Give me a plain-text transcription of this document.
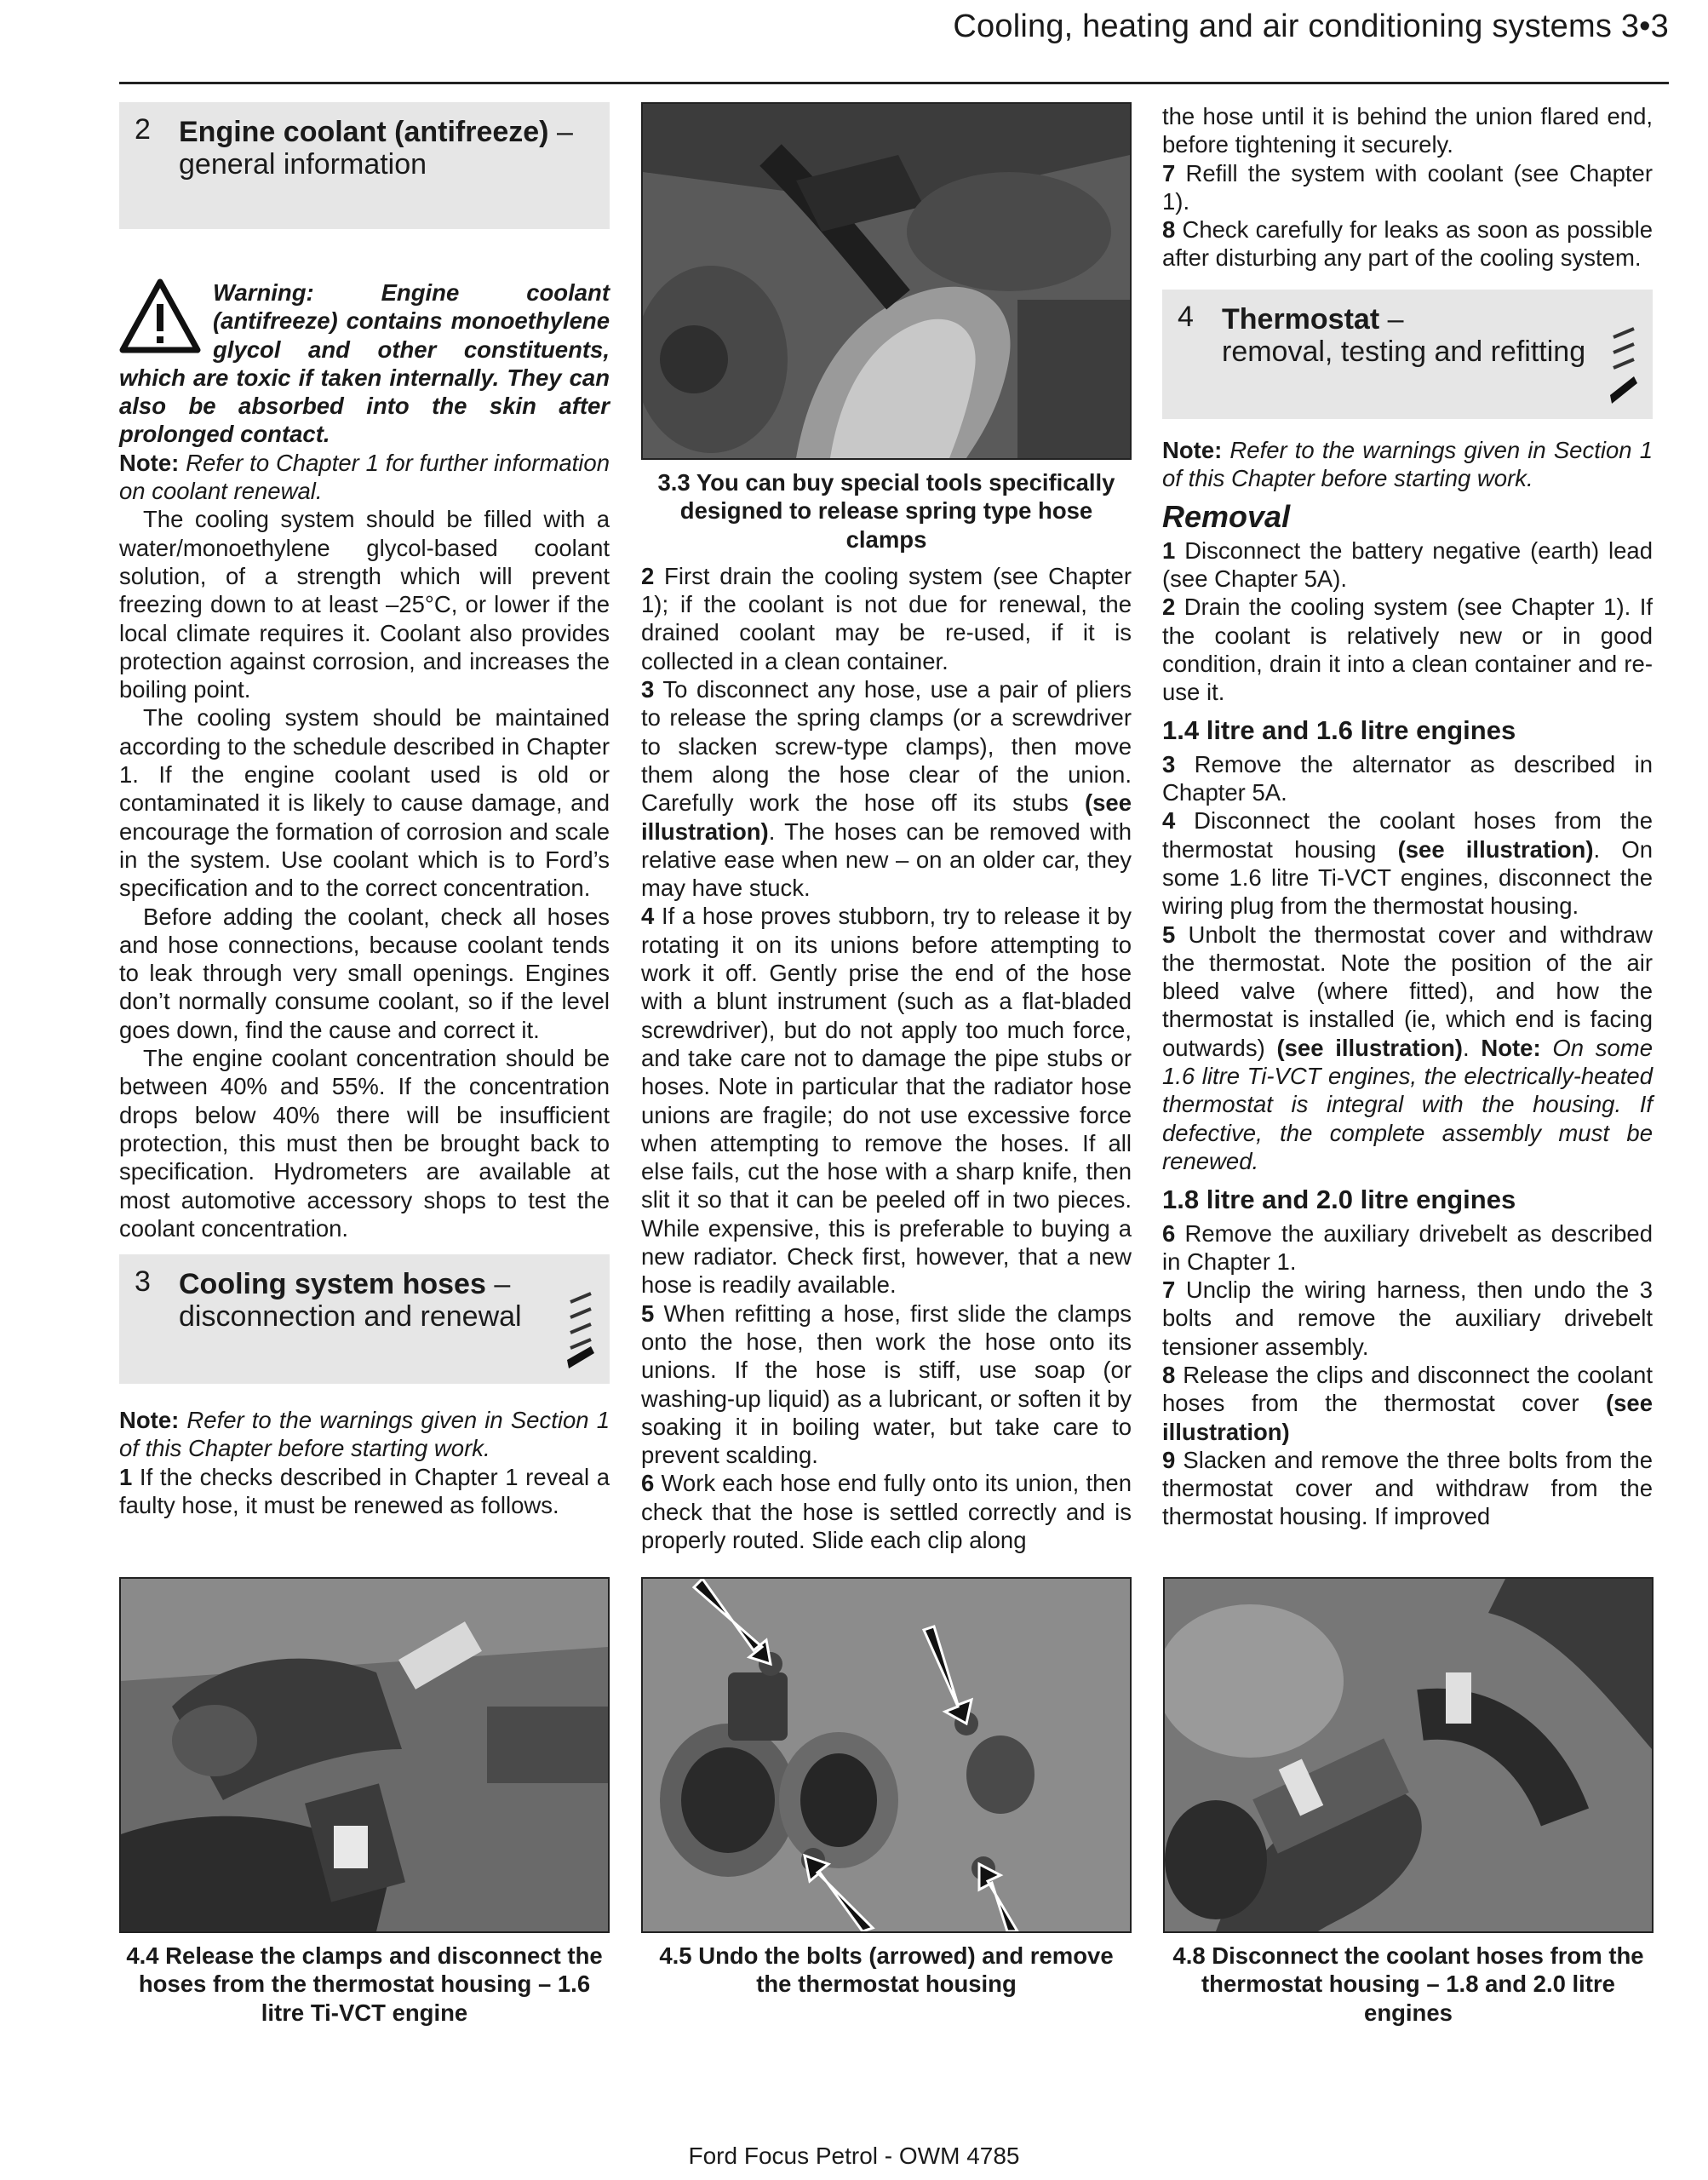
Cooling, heating and air conditioning systems 3•3
2 Engine coolant (antifreeze) –
general information

Warning: Engine coolant (antifreeze) contains monoethylene glycol and other constituents, which are toxic if taken internally. They can also be absorbed into the skin after prolonged contact.

Note: Refer to Chapter 1 for further information on coolant renewal.

The cooling system should be filled with a water/monoethylene glycol-based coolant solution, of a strength which will prevent freezing down to at least –25°C, or lower if the local climate requires it. Coolant also provides protection against corrosion, and increases the boiling point.

The cooling system should be maintained according to the schedule described in Chapter 1. If the engine coolant used is old or contaminated it is likely to cause damage, and encourage the formation of corrosion and scale in the system. Use coolant which is to Ford’s specification and to the correct concentration.

Before adding the coolant, check all hoses and hose connections, because coolant tends to leak through very small openings. Engines don’t normally consume coolant, so if the level goes down, find the cause and correct it.

The engine coolant concentration should be between 40% and 55%. If the concentration drops below 40% there will be insufficient protection, this must then be brought back to specification. Hydrometers are available at most automotive accessory shops to test the coolant concentration.

3 Cooling system hoses –
disconnection and renewal

Note: Refer to the warnings given in Section 1 of this Chapter before starting work.

1 If the checks described in Chapter 1 reveal a faulty hose, it must be renewed as follows.

3.3 You can buy special tools specifically designed to release spring type hose clamps

2 First drain the cooling system (see Chapter 1); if the coolant is not due for renewal, the drained coolant may be re-used, if it is collected in a clean container.

3 To disconnect any hose, use a pair of pliers to release the spring clamps (or a screwdriver to slacken screw-type clamps), then move them along the hose clear of the union. Carefully work the hose off its stubs (see illustration). The hoses can be removed with relative ease when new – on an older car, they may have stuck.

4 If a hose proves stubborn, try to release it by rotating it on its unions before attempting to work it off. Gently prise the end of the hose with a blunt instrument (such as a flat-bladed screwdriver), but do not apply too much force, and take care not to damage the pipe stubs or hoses. Note in particular that the radiator hose unions are fragile; do not use excessive force when attempting to remove the hoses. If all else fails, cut the hose with a sharp knife, then slit it so that it can be peeled off in two pieces. While expensive, this is preferable to buying a new radiator. Check first, however, that a new hose is readily available.

5 When refitting a hose, first slide the clamps onto the hose, then work the hose onto its unions. If the hose is stiff, use soap (or washing-up liquid) as a lubricant, or soften it by soaking it in boiling water, but take care to prevent scalding.

6 Work each hose end fully onto its union, then check that the hose is settled correctly and is properly routed. Slide each clip along

the hose until it is behind the union flared end, before tightening it securely.

7 Refill the system with coolant (see Chapter 1).

8 Check carefully for leaks as soon as possible after disturbing any part of the cooling system.

4 Thermostat –
removal, testing and refitting

Note: Refer to the warnings given in Section 1 of this Chapter before starting work.

Removal

1 Disconnect the battery negative (earth) lead (see Chapter 5A).

2 Drain the cooling system (see Chapter 1). If the coolant is relatively new or in good condition, drain it into a clean container and re-use it.

1.4 litre and 1.6 litre engines

3 Remove the alternator as described in Chapter 5A.

4 Disconnect the coolant hoses from the thermostat housing (see illustration). On some 1.6 litre Ti-VCT engines, disconnect the wiring plug from the thermostat housing.

5 Unbolt the thermostat cover and withdraw the thermostat. Note the position of the air bleed valve (where fitted), and how the thermostat is installed (ie, which end is facing outwards) (see illustration). Note: On some 1.6 litre Ti-VCT engines, the electrically-heated thermostat is integral with the housing. If defective, the complete assembly must be renewed.

1.8 litre and 2.0 litre engines

6 Remove the auxiliary drivebelt as described in Chapter 1.

7 Unclip the wiring harness, then undo the 3 bolts and remove the auxiliary drivebelt tensioner assembly.

8 Release the clips and disconnect the coolant hoses from the thermostat cover (see illustration)

9 Slacken and remove the three bolts from the thermostat cover and withdraw from the thermostat housing. If improved

4.4 Release the clamps and disconnect the hoses from the thermostat housing – 1.6 litre Ti-VCT engine
4.5 Undo the bolts (arrowed) and remove the thermostat housing
4.8 Disconnect the coolant hoses from the thermostat housing – 1.8 and 2.0 litre engines
Ford Focus Petrol - OWM 4785
